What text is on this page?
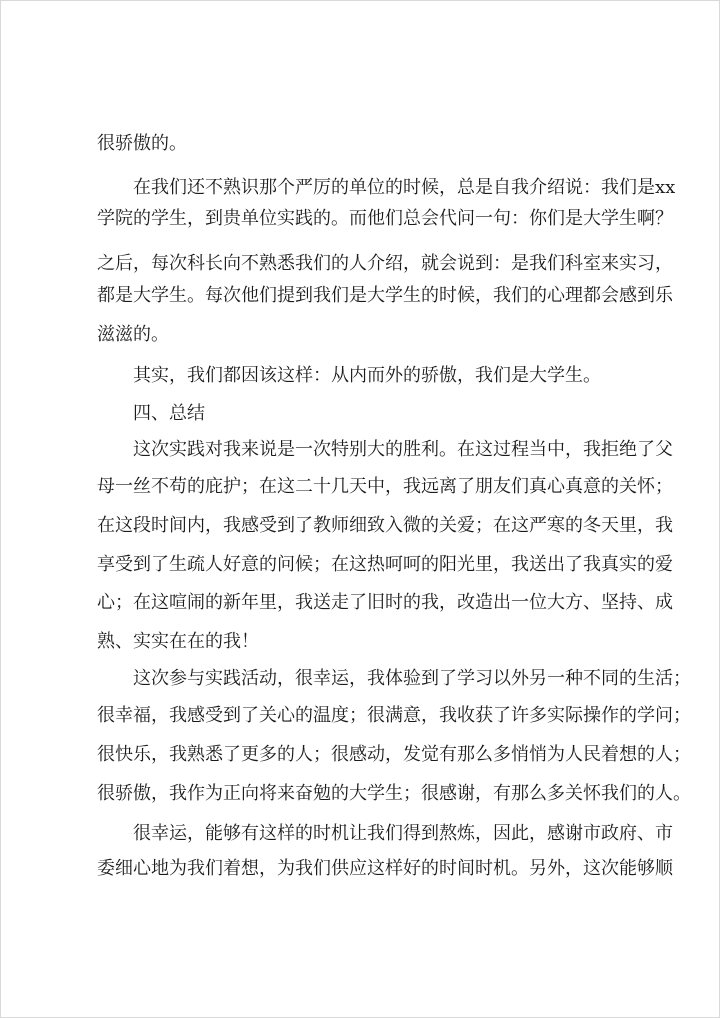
很骄傲的。
在我们还不熟识那个严厉的单位的时候，总是自我介绍说：我们是xx
学院的学生，到贵单位实践的。而他们总会代问一句：你们是大学生啊？
之后，每次科长向不熟悉我们的人介绍，就会说到：是我们科室来实习，
都是大学生。每次他们提到我们是大学生的时候，我们的心理都会感到乐
滋滋的。
其实，我们都因该这样：从内而外的骄傲，我们是大学生。
四、总结
这次实践对我来说是一次特别大的胜利。在这过程当中，我拒绝了父
母一丝不苟的庇护；在这二十几天中，我远离了朋友们真心真意的关怀；
在这段时间内，我感受到了教师细致入微的关爱；在这严寒的冬天里，我
享受到了生疏人好意的问候；在这热呵呵的阳光里，我送出了我真实的爱
心；在这喧闹的新年里，我送走了旧时的我，改造出一位大方、坚持、成
熟、实实在在的我！
这次参与实践活动，很幸运，我体验到了学习以外另一种不同的生活；
很幸福，我感受到了关心的温度；很满意，我收获了许多实际操作的学问；
很快乐，我熟悉了更多的人；很感动，发觉有那么多悄悄为人民着想的人；
很骄傲，我作为正向将来奋勉的大学生；很感谢，有那么多关怀我们的人。
很幸运，能够有这样的时机让我们得到熬炼，因此，感谢市政府、市
委细心地为我们着想，为我们供应这样好的时间时机。另外，这次能够顺
